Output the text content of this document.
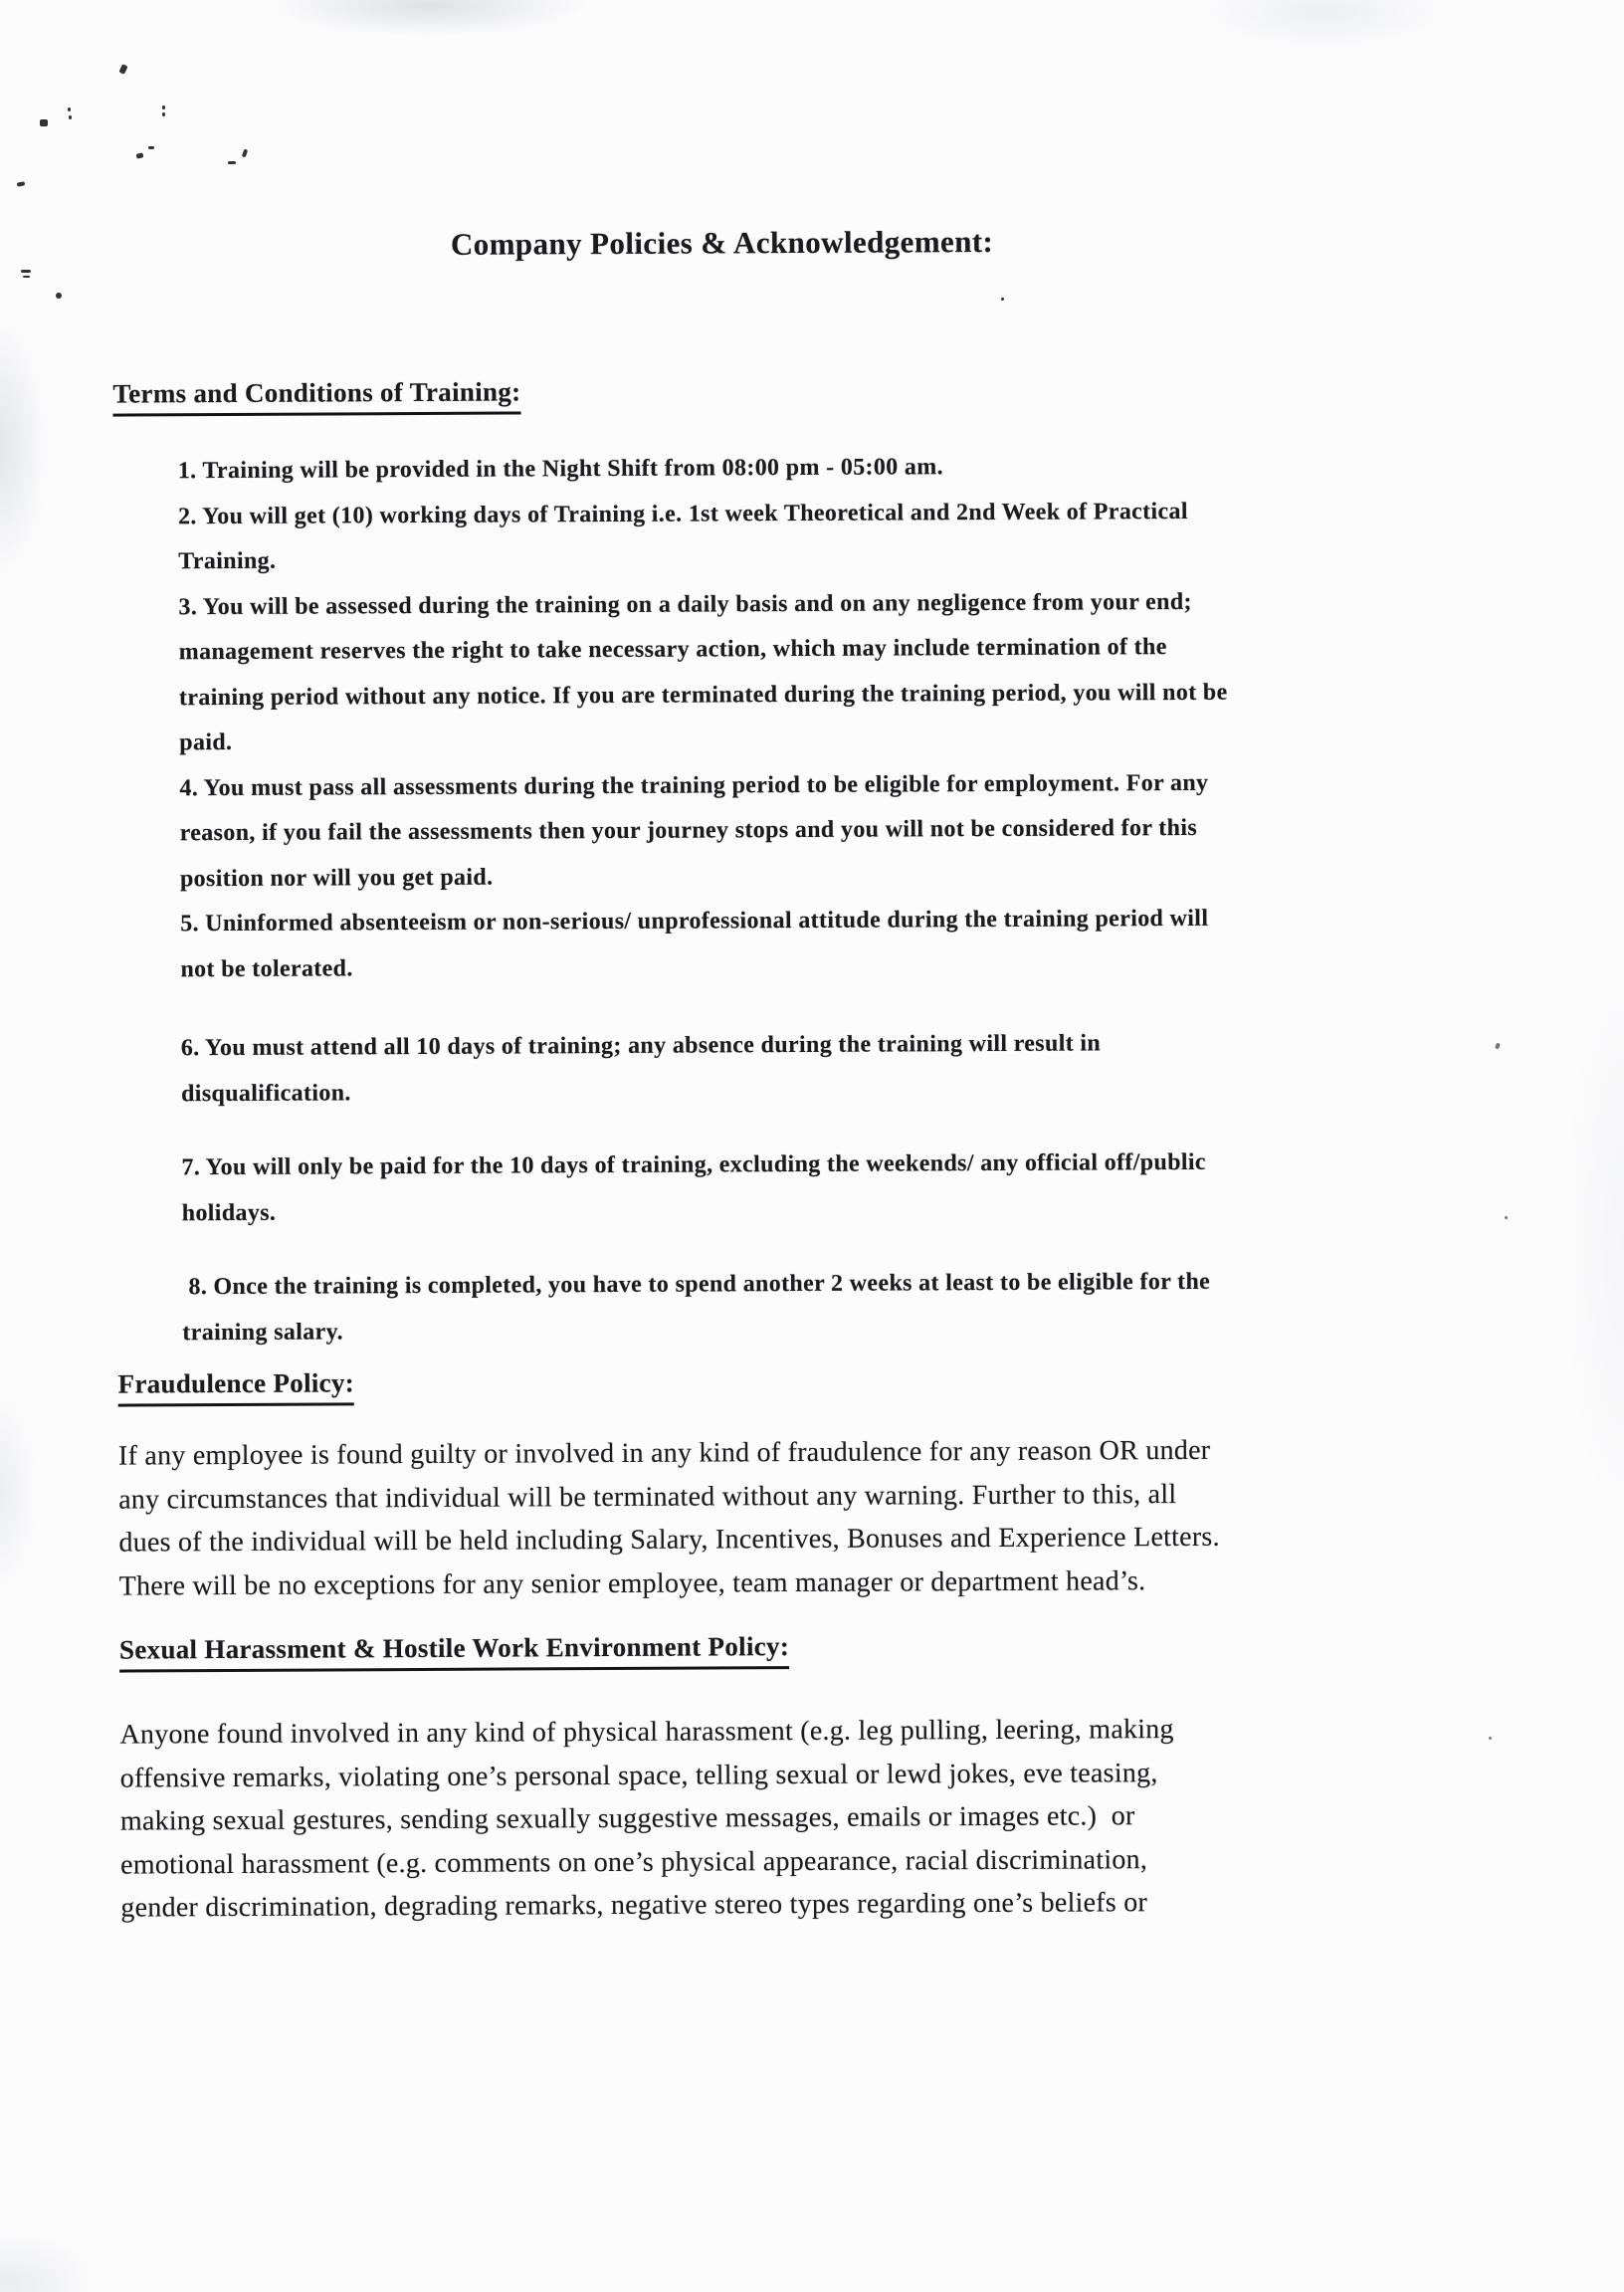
Company Policies & Acknowledgement:
Terms and Conditions of Training:
1. Training will be provided in the Night Shift from 08:00 pm - 05:00 am.
2. You will get (10) working days of Training i.e. 1st week Theoretical and 2nd Week of Practical
Training.
3. You will be assessed during the training on a daily basis and on any negligence from your end;
management reserves the right to take necessary action, which may include termination of the
training period without any notice. If you are terminated during the training period, you will not be
paid.
4. You must pass all assessments during the training period to be eligible for employment. For any
reason, if you fail the assessments then your journey stops and you will not be considered for this
position nor will you get paid.
5. Uninformed absenteeism or non-serious/ unprofessional attitude during the training period will
not be tolerated.
6. You must attend all 10 days of training; any absence during the training will result in
disqualification.
7. You will only be paid for the 10 days of training, excluding the weekends/ any official off/public
holidays.
8. Once the training is completed, you have to spend another 2 weeks at least to be eligible for the
training salary.
Fraudulence Policy:
If any employee is found guilty or involved in any kind of fraudulence for any reason OR under
any circumstances that individual will be terminated without any warning. Further to this, all
dues of the individual will be held including Salary, Incentives, Bonuses and Experience Letters.
There will be no exceptions for any senior employee, team manager or department head’s.
Sexual Harassment & Hostile Work Environment Policy:
Anyone found involved in any kind of physical harassment (e.g. leg pulling, leering, making
offensive remarks, violating one’s personal space, telling sexual or lewd jokes, eve teasing,
making sexual gestures, sending sexually suggestive messages, emails or images etc.)  or
emotional harassment (e.g. comments on one’s physical appearance, racial discrimination,
gender discrimination, degrading remarks, negative stereo types regarding one’s beliefs or
